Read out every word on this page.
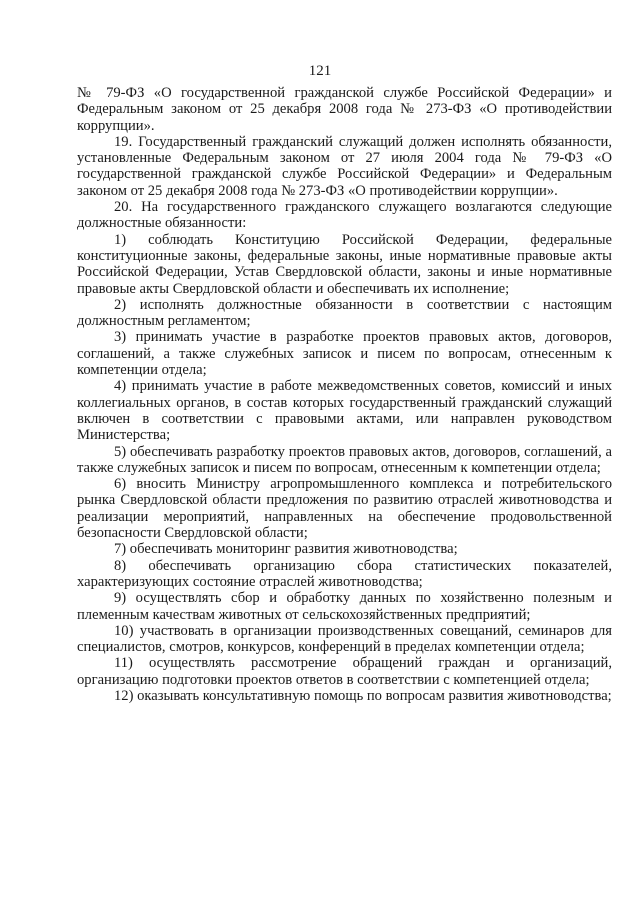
121

№ 79-ФЗ «О государственной гражданской службе Российской Федерации» и Федеральным законом от 25 декабря 2008 года № 273-ФЗ «О противодействии коррупции».

19. Государственный гражданский служащий должен исполнять обязанности, установленные Федеральным законом от 27 июля 2004 года № 79-ФЗ «О государственной гражданской службе Российской Федерации» и Федеральным законом от 25 декабря 2008 года № 273-ФЗ «О противодействии коррупции».

20. На государственного гражданского служащего возлагаются следующие должностные обязанности:

1) соблюдать Конституцию Российской Федерации, федеральные конституционные законы, федеральные законы, иные нормативные правовые акты Российской Федерации, Устав Свердловской области, законы и иные нормативные правовые акты Свердловской области и обеспечивать их исполнение;

2) исполнять должностные обязанности в соответствии с настоящим должностным регламентом;

3) принимать участие в разработке проектов правовых актов, договоров, соглашений, а также служебных записок и писем по вопросам, отнесенным к компетенции отдела;

4) принимать участие в работе межведомственных советов, комиссий и иных коллегиальных органов, в состав которых государственный гражданский служащий включен в соответствии с правовыми актами, или направлен руководством Министерства;

5) обеспечивать разработку проектов правовых актов, договоров, соглашений, а также служебных записок и писем по вопросам, отнесенным к компетенции отдела;

6) вносить Министру агропромышленного комплекса и потребительского рынка Свердловской области предложения по развитию отраслей животноводства и реализации мероприятий, направленных на обеспечение продовольственной безопасности Свердловской области;

7) обеспечивать мониторинг развития животноводства;

8) обеспечивать организацию сбора статистических показателей, характеризующих состояние отраслей животноводства;

9) осуществлять сбор и обработку данных по хозяйственно полезным и племенным качествам животных от сельскохозяйственных предприятий;

10) участвовать в организации производственных совещаний, семинаров для специалистов, смотров, конкурсов, конференций в пределах компетенции отдела;

11) осуществлять рассмотрение обращений граждан и организаций, организацию подготовки проектов ответов в соответствии с компетенцией отдела;

12) оказывать консультативную помощь по вопросам развития животноводства;
